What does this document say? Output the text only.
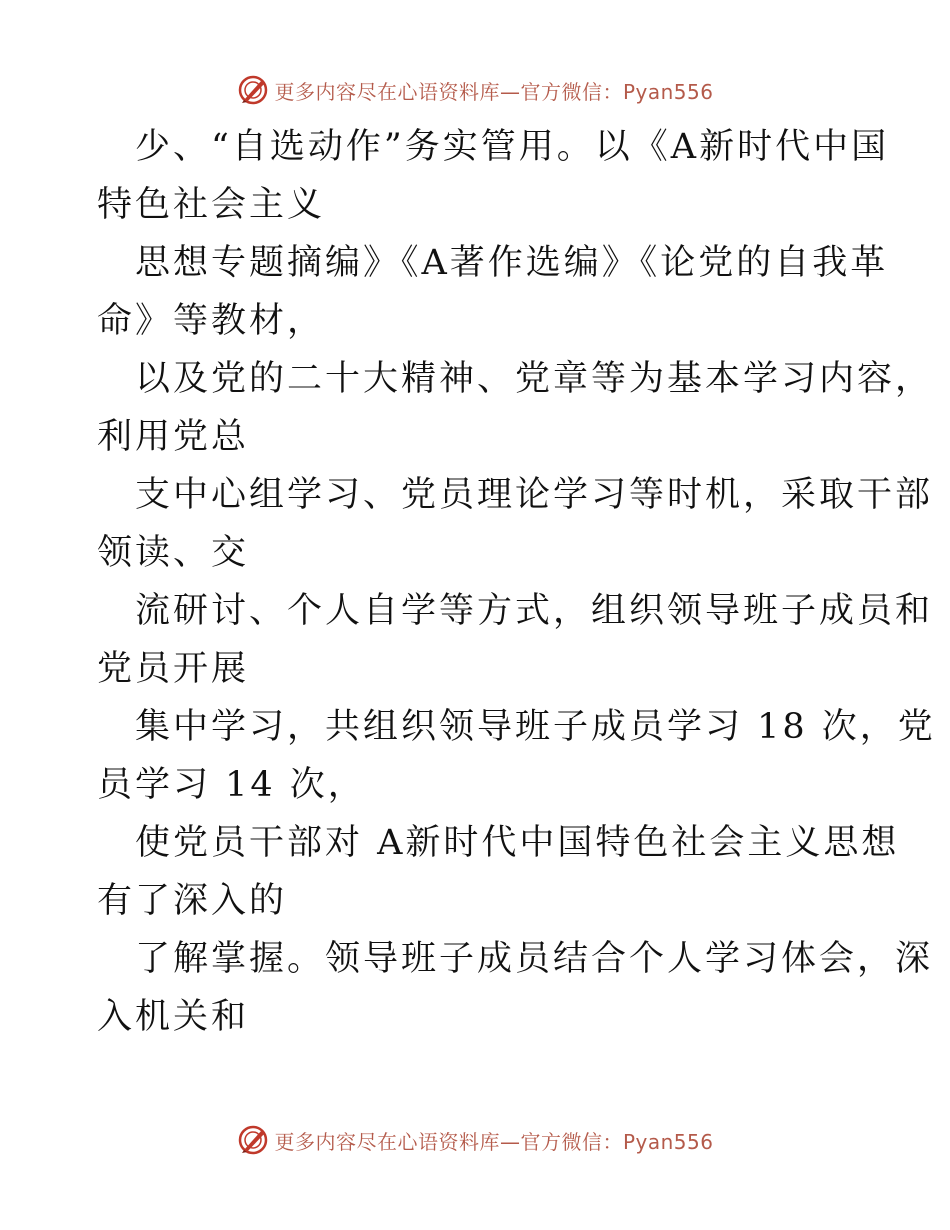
更多内容尽在心语资料库—官方微信：Pyan556

少、“自选动作”务实管用。以《A新时代中国
特色社会主义

思想专题摘编》《A著作选编》《论党的自我革
命》等教材，

以及党的二十大精神、党章等为基本学习内容，
利用党总

支中心组学习、党员理论学习等时机，采取干部
领读、交

流研讨、个人自学等方式，组织领导班子成员和
党员开展

集中学习，共组织领导班子成员学习 18 次，党
员学习 14 次，

使党员干部对 A新时代中国特色社会主义思想
有了深入的

了解掌握。领导班子成员结合个人学习体会，深
入机关和

更多内容尽在心语资料库—官方微信：Pyan556
